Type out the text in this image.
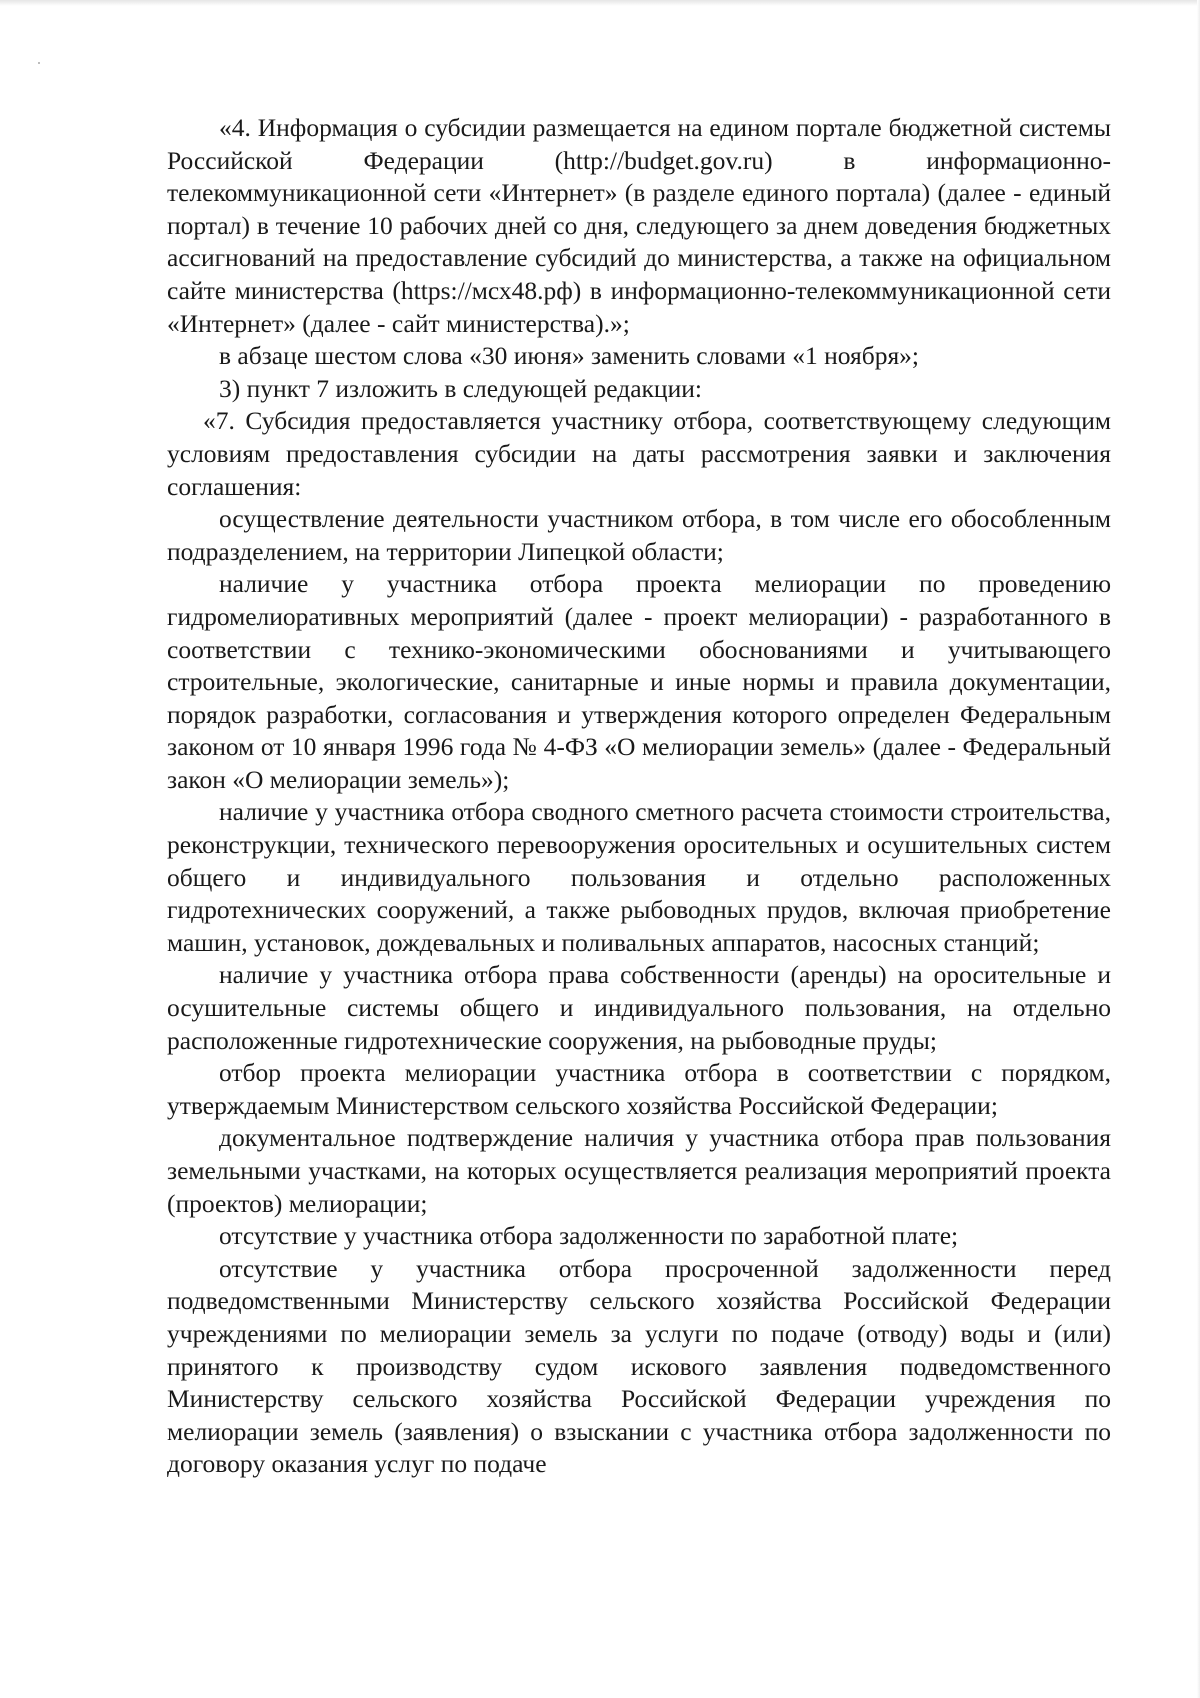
«4. Информация о субсидии размещается на едином портале бюджетной системы Российской Федерации (http://budget.gov.ru) в информационно-телекоммуникационной сети «Интернет» (в разделе единого портала) (далее - единый портал) в течение 10 рабочих дней со дня, следующего за днем доведения бюджетных ассигнований на предоставление субсидий до министерства, а также на официальном сайте министерства (https://мсх48.рф) в информационно-телекоммуникационной сети «Интернет» (далее - сайт министерства).»;

в абзаце шестом слова «30 июня» заменить словами «1 ноября»;

3) пункт 7 изложить в следующей редакции:

«7. Субсидия предоставляется участнику отбора, соответствующему следующим условиям предоставления субсидии на даты рассмотрения заявки и заключения соглашения:

осуществление деятельности участником отбора, в том числе его обособленным подразделением, на территории Липецкой области;

наличие у участника отбора проекта мелиорации по проведению гидромелиоративных мероприятий (далее - проект мелиорации) - разработанного в соответствии с технико-экономическими обоснованиями и учитывающего строительные, экологические, санитарные и иные нормы и правила документации, порядок разработки, согласования и утверждения которого определен Федеральным законом от 10 января 1996 года № 4-ФЗ «О мелиорации земель» (далее - Федеральный закон «О мелиорации земель»);

наличие у участника отбора сводного сметного расчета стоимости строительства, реконструкции, технического перевооружения оросительных и осушительных систем общего и индивидуального пользования и отдельно расположенных гидротехнических сооружений, а также рыбоводных прудов, включая приобретение машин, установок, дождевальных и поливальных аппаратов, насосных станций;

наличие у участника отбора права собственности (аренды) на оросительные и осушительные системы общего и индивидуального пользования, на отдельно расположенные гидротехнические сооружения, на рыбоводные пруды;

отбор проекта мелиорации участника отбора в соответствии с порядком, утверждаемым Министерством сельского хозяйства Российской Федерации;

документальное подтверждение наличия у участника отбора прав пользования земельными участками, на которых осуществляется реализация мероприятий проекта (проектов) мелиорации;

отсутствие у участника отбора задолженности по заработной плате;

отсутствие у участника отбора просроченной задолженности перед подведомственными Министерству сельского хозяйства Российской Федерации учреждениями по мелиорации земель за услуги по подаче (отводу) воды и (или) принятого к производству судом искового заявления подведомственного Министерству сельского хозяйства Российской Федерации учреждения по мелиорации земель (заявления) о взыскании с участника отбора задолженности по договору оказания услуг по подаче
